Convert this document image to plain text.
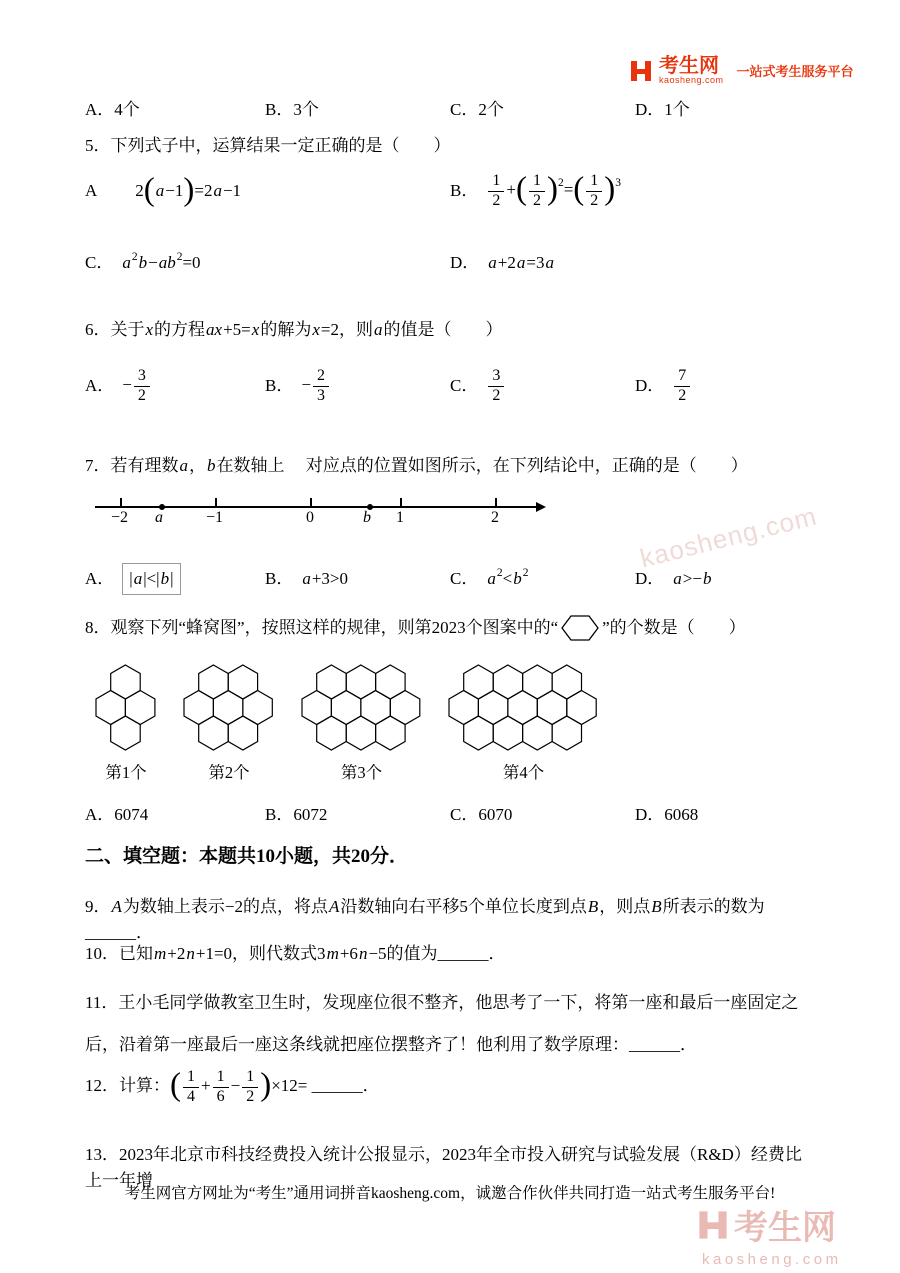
考生网
kaosheng.com
一站式考生服务平台
A．4个	B．3个	C．2个	D．1个
5．下列式子中，运算结果一定正确的是（　　）
A 2(a−1)=2a−1	B． $\frac{1}{2}$ +( $\frac{1}{2} )^2=( \frac{1}{2} )^3$
C． $a^2b-ab^2=0$	D． a+2a=3a
6．关于x的方程ax+5=x的解为x=2，则a的值是（　　）
A． − $\frac{3}{2}$	B． − $\frac{2}{3}$	C． $\frac{3}{2}$	D． $\frac{7}{2}$
7．若有理数a，b在数轴上　 对应点的位置如图所示，在下列结论中，正确的是（　　）
−2	−1	0	1	2
a	b
A． | a |<| b |	B． a+3>0	C． $a^2<b^2$	D． a>−b
8．观察下列“蜂窝图”，按照这样的规律，则第2023个图案中的“	”的个数是（　　）
第1个	第2个	第3个	第4个
A．6074	B．6072	C．6070	D．6068
二、填空题：本题共10小题，共20分．
9．A为数轴上表示−2的点，将点A沿数轴向右平移5个单位长度到点B，则点B所表示的数为______．
10．已知m+2n+1=0，则代数式3m+6n−5的值为______．
11．王小毛同学做教室卫生时，发现座位很不整齐，他思考了一下，将第一座和最后一座固定之后，沿着第一座最后一座这条线就把座位摆整齐了！他利用了数学原理：______．
12．计算：( $\frac{1}{4} + \frac{1}{6} - \frac{1}{2} )\times 12=$ ______．
13．2023年北京市科技经费投入统计公报显示，2023年全市投入研究与试验发展（R&D）经费比上一年增
考生网官方网址为“考生”通用词拼音kaosheng.com，诚邀合作伙伴共同打造一站式考生服务平台!
kaosheng.com
考生网
kaosheng.com
